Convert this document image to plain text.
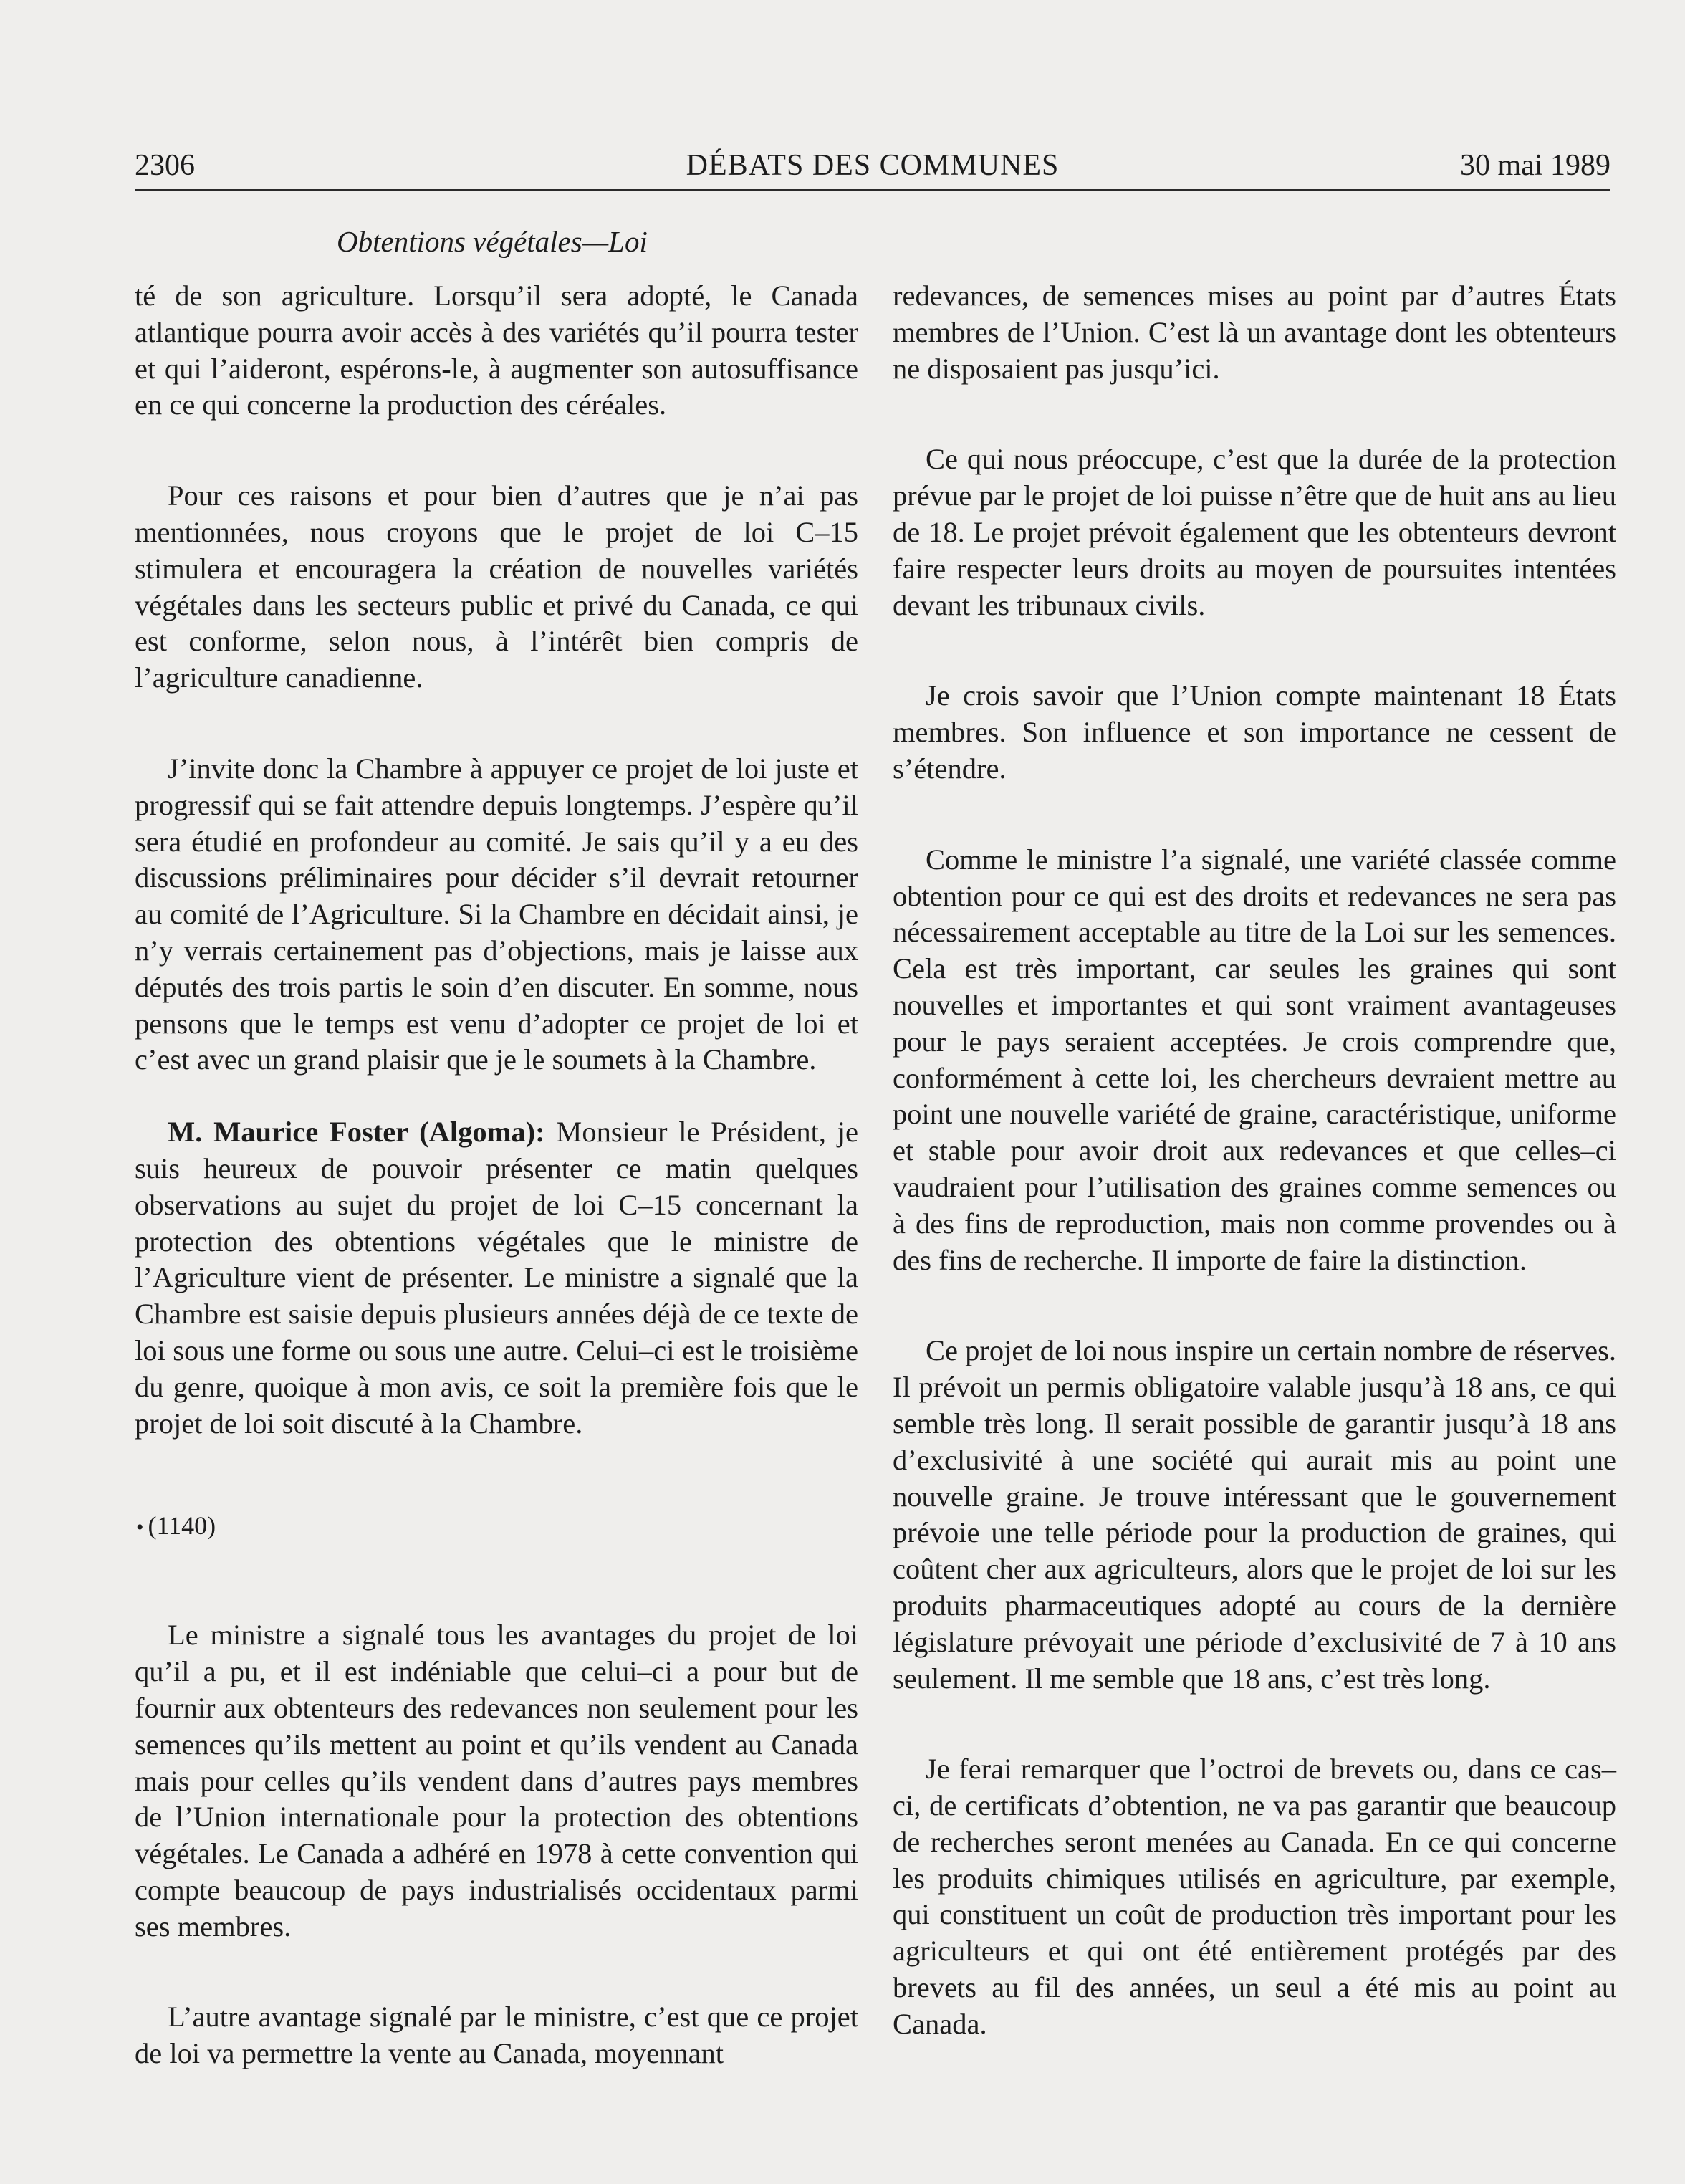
2306	DÉBATS DES COMMUNES	30 mai 1989
Obtentions végétales—Loi

té de son agriculture. Lorsqu’il sera adopté, le Canada atlantique pourra avoir accès à des variétés qu’il pourra tester et qui l’aideront, espérons-le, à augmenter son autosuffisance en ce qui concerne la production des céréales.

Pour ces raisons et pour bien d’autres que je n’ai pas mentionnées, nous croyons que le projet de loi C–15 stimulera et encouragera la création de nouvelles variétés végétales dans les secteurs public et privé du Canada, ce qui est conforme, selon nous, à l’intérêt bien compris de l’agriculture canadienne.

J’invite donc la Chambre à appuyer ce projet de loi juste et progressif qui se fait attendre depuis longtemps. J’espère qu’il sera étudié en profondeur au comité. Je sais qu’il y a eu des discussions préliminaires pour décider s’il devrait retourner au comité de l’Agriculture. Si la Chambre en décidait ainsi, je n’y verrais certainement pas d’objections, mais je laisse aux députés des trois partis le soin d’en discuter. En somme, nous pensons que le temps est venu d’adopter ce projet de loi et c’est avec un grand plaisir que je le soumets à la Chambre.

M. Maurice Foster (Algoma): Monsieur le Président, je suis heureux de pouvoir présenter ce matin quelques observations au sujet du projet de loi C–15 concernant la protection des obtentions végétales que le ministre de l’Agriculture vient de présenter. Le ministre a signalé que la Chambre est saisie depuis plusieurs années déjà de ce texte de loi sous une forme ou sous une autre. Celui–ci est le troisième du genre, quoique à mon avis, ce soit la première fois que le projet de loi soit discuté à la Chambre.

• (1140)

Le ministre a signalé tous les avantages du projet de loi qu’il a pu, et il est indéniable que celui–ci a pour but de fournir aux obtenteurs des redevances non seulement pour les semences qu’ils mettent au point et qu’ils vendent au Canada mais pour celles qu’ils vendent dans d’autres pays membres de l’Union internationale pour la protection des obtentions végétales. Le Canada a adhéré en 1978 à cette convention qui compte beaucoup de pays industrialisés occidentaux parmi ses membres.

L’autre avantage signalé par le ministre, c’est que ce projet de loi va permettre la vente au Canada, moyennant

redevances, de semences mises au point par d’autres États membres de l’Union. C’est là un avantage dont les obtenteurs ne disposaient pas jusqu’ici.

Ce qui nous préoccupe, c’est que la durée de la protection prévue par le projet de loi puisse n’être que de huit ans au lieu de 18. Le projet prévoit également que les obtenteurs devront faire respecter leurs droits au moyen de poursuites intentées devant les tribunaux civils.

Je crois savoir que l’Union compte maintenant 18 États membres. Son influence et son importance ne cessent de s’étendre.

Comme le ministre l’a signalé, une variété classée comme obtention pour ce qui est des droits et redevances ne sera pas nécessairement acceptable au titre de la Loi sur les semences. Cela est très important, car seules les graines qui sont nouvelles et importantes et qui sont vraiment avantageuses pour le pays seraient acceptées. Je crois comprendre que, conformément à cette loi, les chercheurs devraient mettre au point une nouvelle variété de graine, caractéristique, uniforme et stable pour avoir droit aux redevances et que celles–ci vaudraient pour l’utilisation des graines comme semences ou à des fins de reproduction, mais non comme provendes ou à des fins de recherche. Il importe de faire la distinction.

Ce projet de loi nous inspire un certain nombre de réserves. Il prévoit un permis obligatoire valable jusqu’à 18 ans, ce qui semble très long. Il serait possible de garantir jusqu’à 18 ans d’exclusivité à une société qui aurait mis au point une nouvelle graine. Je trouve intéressant que le gouvernement prévoie une telle période pour la production de graines, qui coûtent cher aux agriculteurs, alors que le projet de loi sur les produits pharmaceutiques adopté au cours de la dernière législature prévoyait une période d’exclusivité de 7 à 10 ans seulement. Il me semble que 18 ans, c’est très long.

Je ferai remarquer que l’octroi de brevets ou, dans ce cas–ci, de certificats d’obtention, ne va pas garantir que beaucoup de recherches seront menées au Canada. En ce qui concerne les produits chimiques utilisés en agriculture, par exemple, qui constituent un coût de production très important pour les agriculteurs et qui ont été entièrement protégés par des brevets au fil des années, un seul a été mis au point au Canada.
